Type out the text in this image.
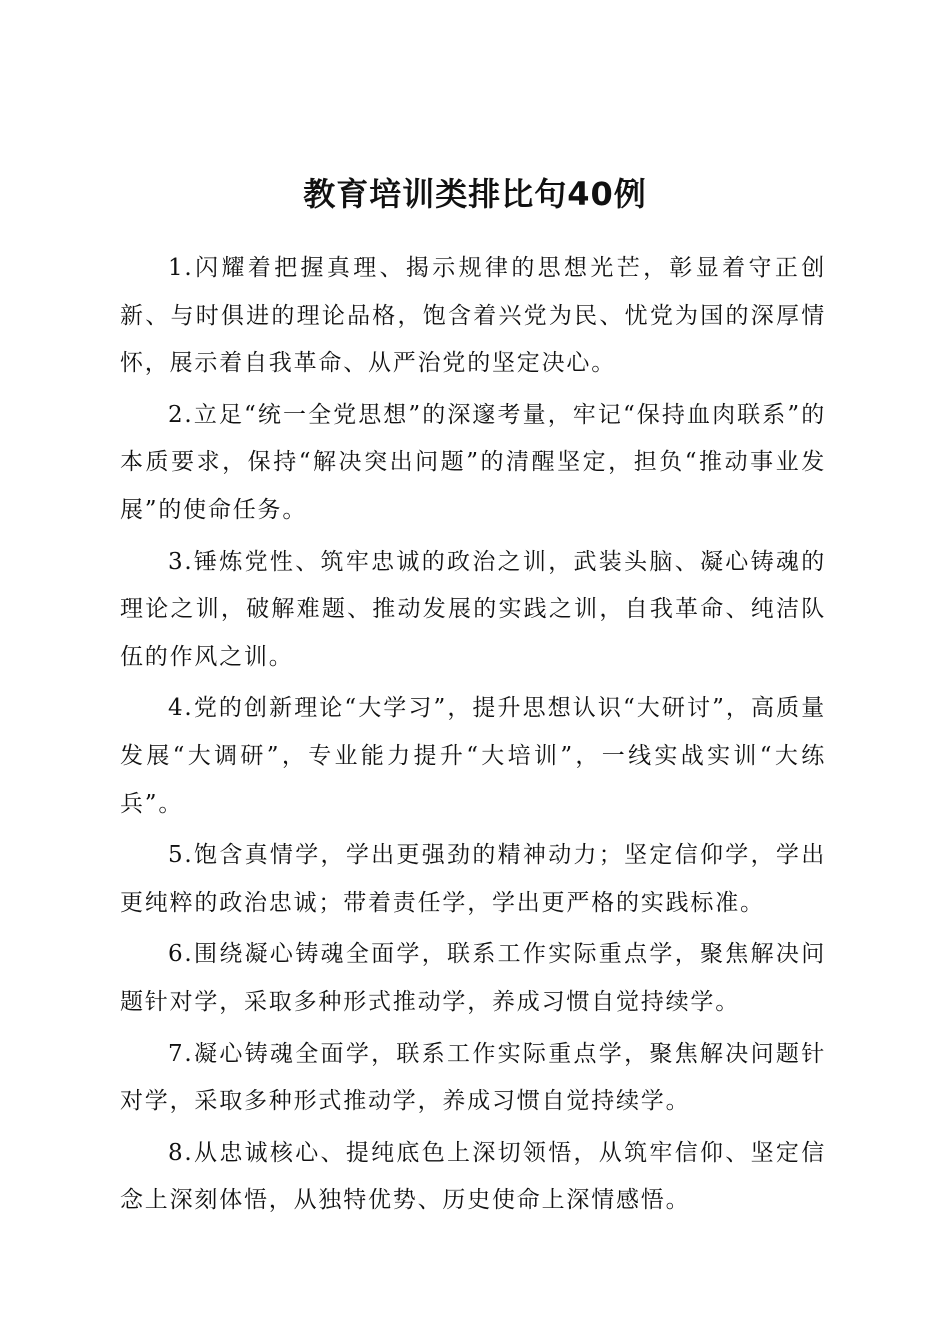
教育培训类排比句40例

1.闪耀着把握真理、揭示规律的思想光芒，彰显着守正创新、与时俱进的理论品格，饱含着兴党为民、忧党为国的深厚情怀，展示着自我革命、从严治党的坚定决心。

2.立足“统一全党思想”的深邃考量，牢记“保持血肉联系”的本质要求，保持“解决突出问题”的清醒坚定，担负“推动事业发展”的使命任务。

3.锤炼党性、筑牢忠诚的政治之训，武装头脑、凝心铸魂的理论之训，破解难题、推动发展的实践之训，自我革命、纯洁队伍的作风之训。

4.党的创新理论“大学习”，提升思想认识“大研讨”，高质量发展“大调研”，专业能力提升“大培训”，一线实战实训“大练兵”。

5.饱含真情学，学出更强劲的精神动力；坚定信仰学，学出更纯粹的政治忠诚；带着责任学，学出更严格的实践标准。

6.围绕凝心铸魂全面学，联系工作实际重点学，聚焦解决问题针对学，采取多种形式推动学，养成习惯自觉持续学。

7.凝心铸魂全面学，联系工作实际重点学，聚焦解决问题针对学，采取多种形式推动学，养成习惯自觉持续学。

8.从忠诚核心、提纯底色上深切领悟，从筑牢信仰、坚定信念上深刻体悟，从独特优势、历史使命上深情感悟。
